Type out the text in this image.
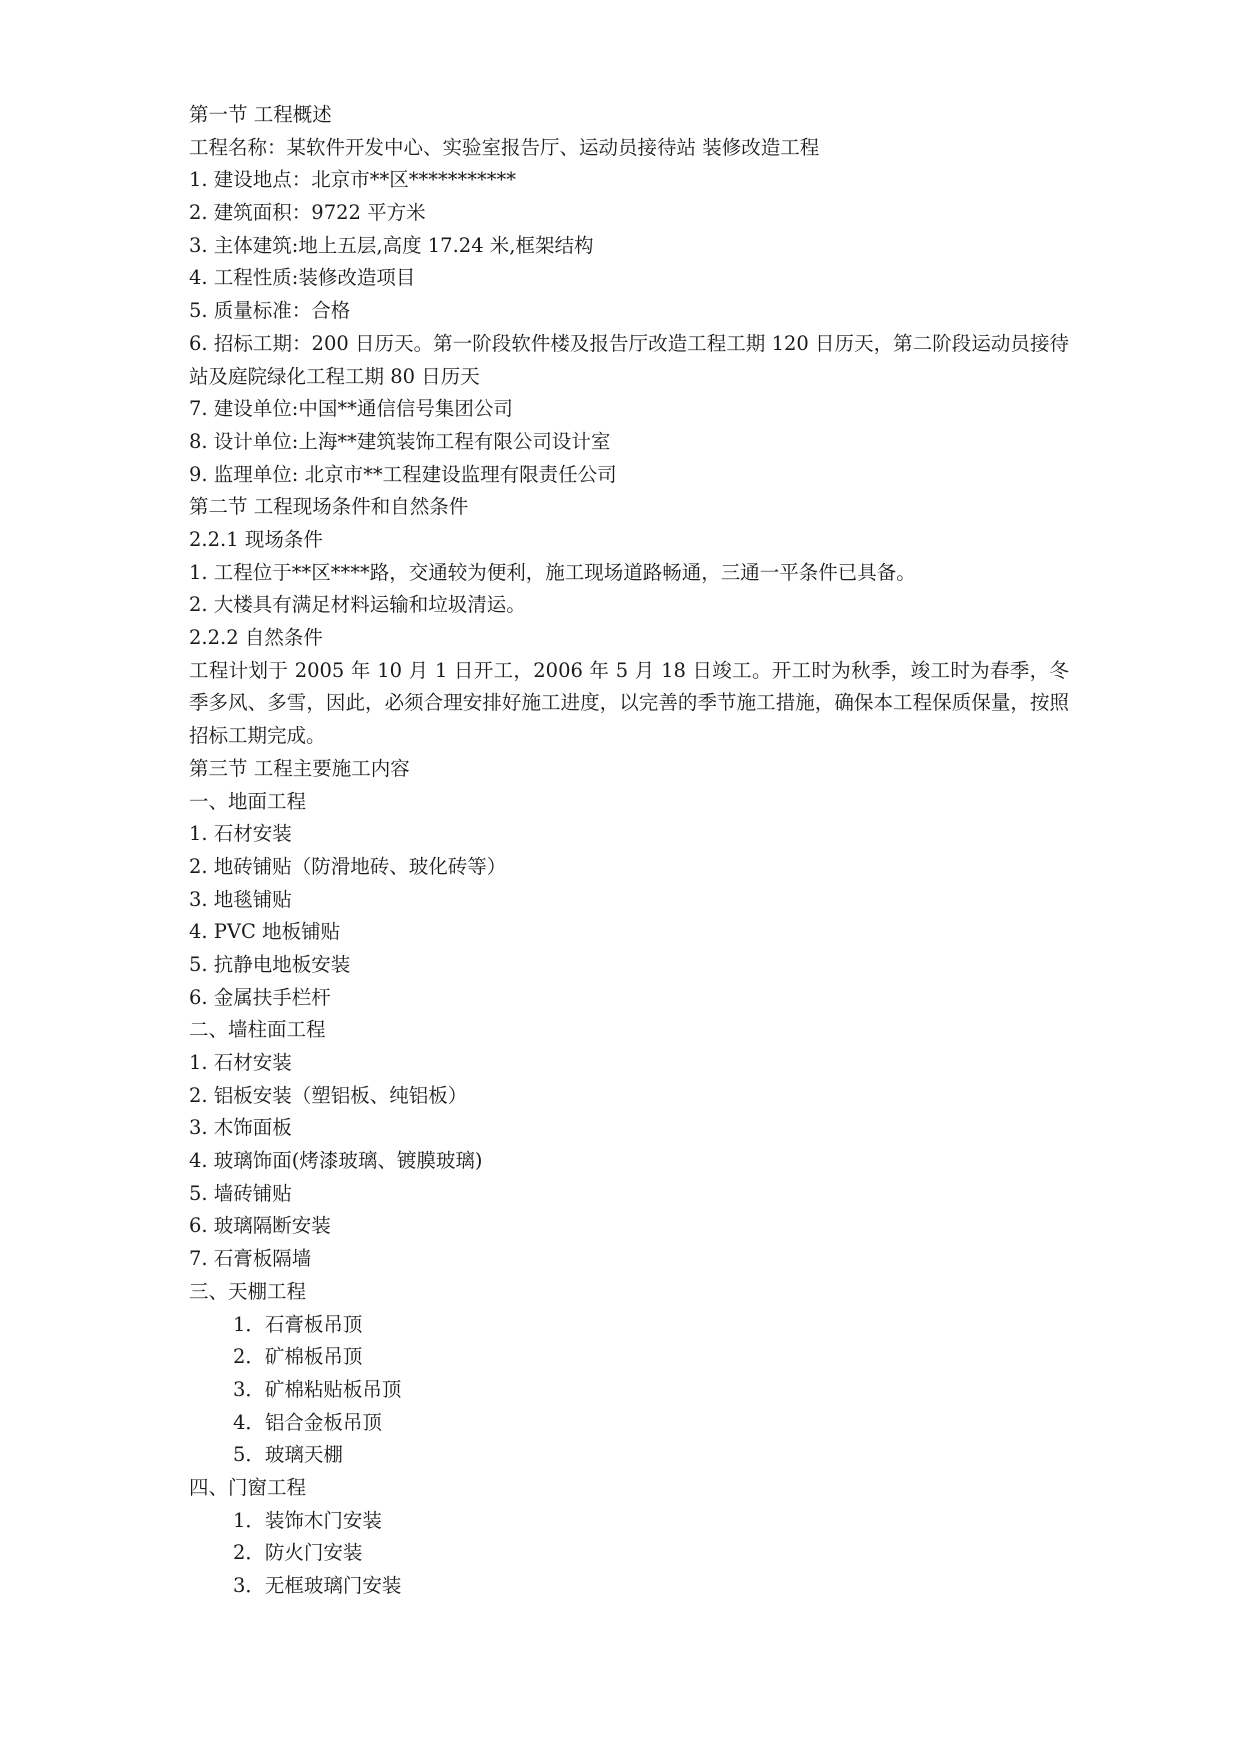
第一节 工程概述
工程名称：某软件开发中心、实验室报告厅、运动员接待站 装修改造工程
1. 建设地点：北京市**区***********
2. 建筑面积：9722 平方米
3. 主体建筑:地上五层,高度 17.24 米,框架结构
4. 工程性质:装修改造项目
5. 质量标准：合格
6. 招标工期：200 日历天。第一阶段软件楼及报告厅改造工程工期 120 日历天，第二阶段运动员接待站及庭院绿化工程工期 80 日历天
7. 建设单位:中国**通信信号集团公司
8. 设计单位:上海**建筑装饰工程有限公司设计室
9. 监理单位: 北京市**工程建设监理有限责任公司
第二节 工程现场条件和自然条件
2.2.1 现场条件
1. 工程位于**区****路，交通较为便利，施工现场道路畅通，三通一平条件已具备。
2. 大楼具有满足材料运输和垃圾清运。
2.2.2 自然条件
工程计划于 2005 年 10 月 1 日开工，2006 年 5 月 18 日竣工。开工时为秋季，竣工时为春季，冬季多风、多雪，因此，必须合理安排好施工进度，以完善的季节施工措施，确保本工程保质保量，按照招标工期完成。
第三节 工程主要施工内容
一、地面工程
1. 石材安装
2. 地砖铺贴（防滑地砖、玻化砖等）
3. 地毯铺贴
4. PVC 地板铺贴
5. 抗静电地板安装
6. 金属扶手栏杆
二、墙柱面工程
1. 石材安装
2. 铝板安装（塑铝板、纯铝板）
3. 木饰面板
4. 玻璃饰面(烤漆玻璃、镀膜玻璃)
5. 墙砖铺贴
6. 玻璃隔断安装
7. 石膏板隔墙
三、天棚工程
1．石膏板吊顶
2．矿棉板吊顶
3．矿棉粘贴板吊顶
4．铝合金板吊顶
5．玻璃天棚
四、门窗工程
1．装饰木门安装
2．防火门安装
3．无框玻璃门安装
